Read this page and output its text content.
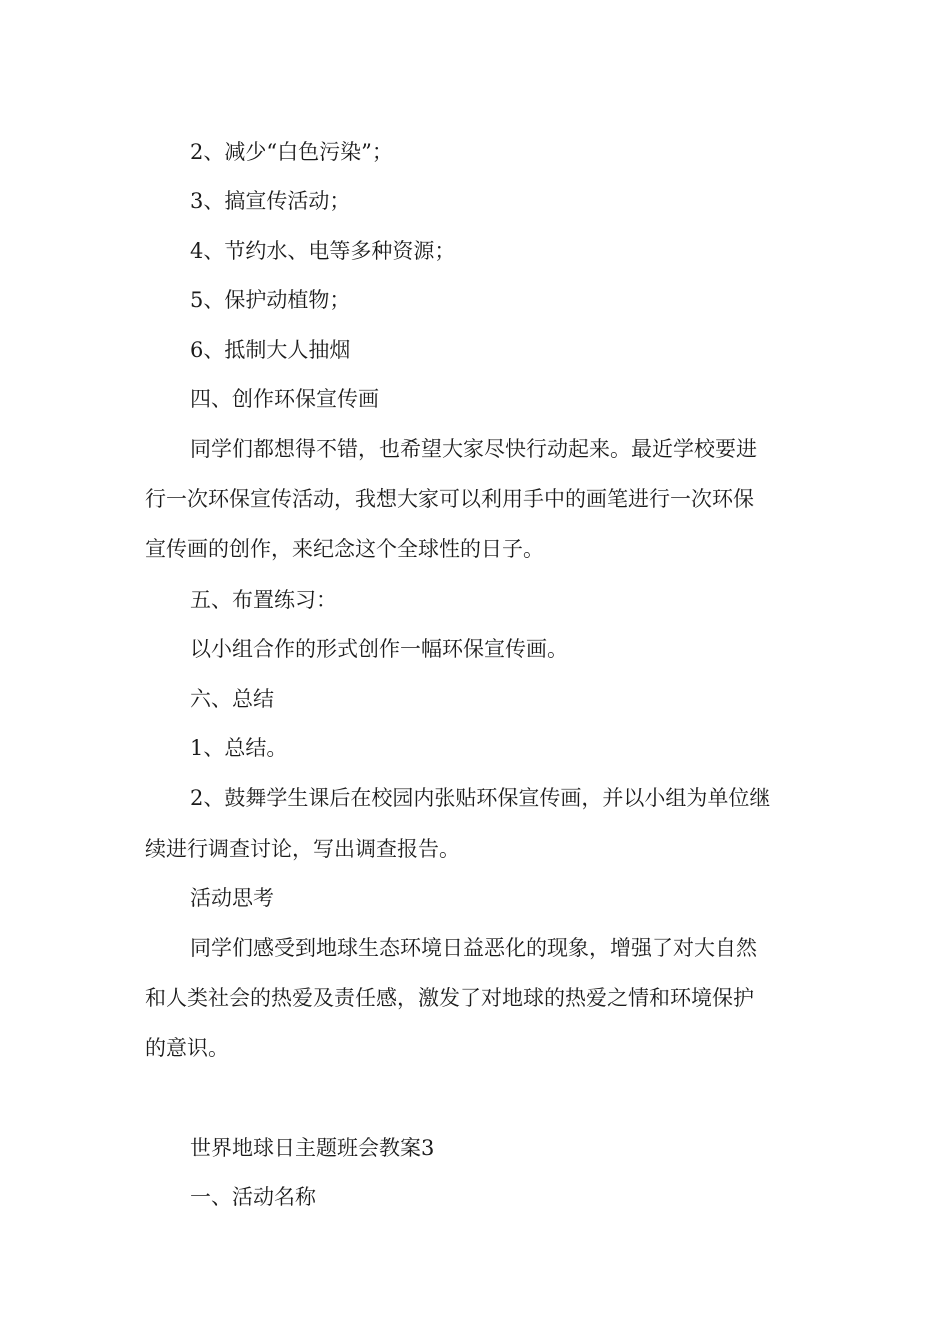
2、减少“白色污染”；
3、搞宣传活动；
4、节约水、电等多种资源；
5、保护动植物；
6、抵制大人抽烟
四、创作环保宣传画
同学们都想得不错，也希望大家尽快行动起来。最近学校要进
行一次环保宣传活动，我想大家可以利用手中的画笔进行一次环保
宣传画的创作，来纪念这个全球性的日子。
五、布置练习：
以小组合作的形式创作一幅环保宣传画。
六、总结
1、总结。
2、鼓舞学生课后在校园内张贴环保宣传画，并以小组为单位继
续进行调查讨论，写出调查报告。
活动思考
同学们感受到地球生态环境日益恶化的现象，增强了对大自然
和人类社会的热爱及责任感，激发了对地球的热爱之情和环境保护
的意识。
世界地球日主题班会教案3
一、活动名称
